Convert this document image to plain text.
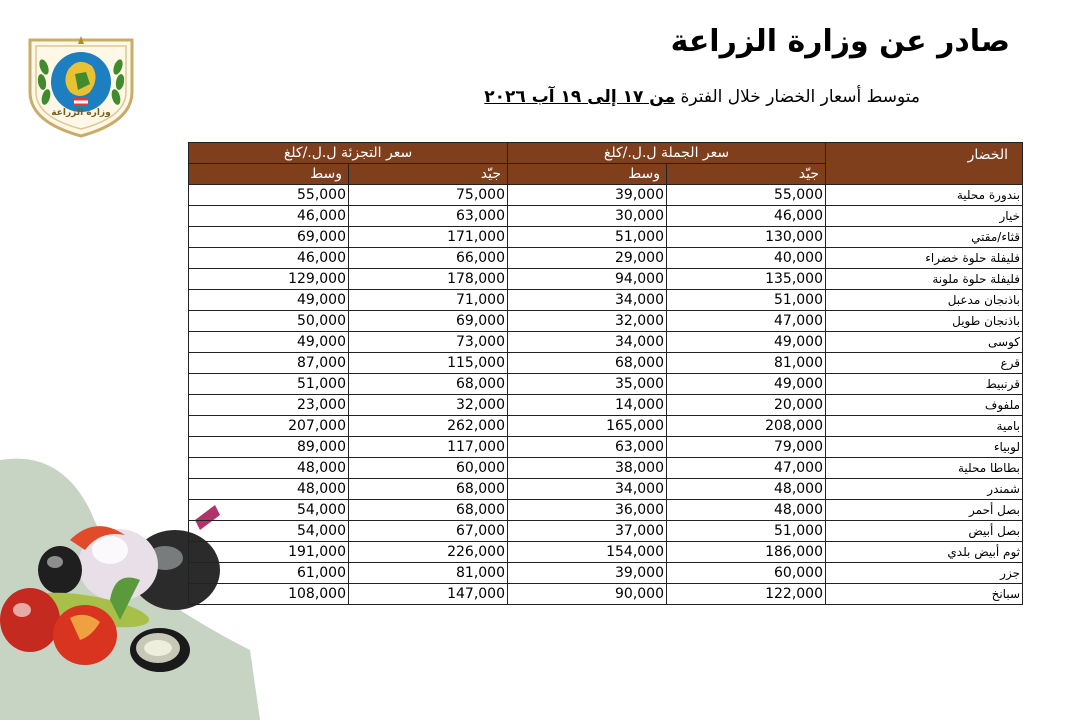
وزارة الزراعة
صادر عن وزارة الزراعة
متوسط أسعار الخضار خلال الفترة من ١٧ إلى ١٩ آب ٢٠٢٦
سعر التجزئة ل.ل./كلغ		سعر الجملة ل.ل./كلغ		الخضار
وسط	جيّد	وسط	جيّد	
55,000	75,000	39,000	55,000	بندورة محلية
46,000	63,000	30,000	46,000	خيار
69,000	171,000	51,000	130,000	قثاء/مقتي
46,000	66,000	29,000	40,000	فليفلة حلوة خضراء
129,000	178,000	94,000	135,000	فليفلة حلوة ملونة
49,000	71,000	34,000	51,000	باذنجان مدعبل
50,000	69,000	32,000	47,000	باذنجان طويل
49,000	73,000	34,000	49,000	كوسى
87,000	115,000	68,000	81,000	قرع
51,000	68,000	35,000	49,000	قرنبيط
23,000	32,000	14,000	20,000	ملفوف
207,000	262,000	165,000	208,000	بامية
89,000	117,000	63,000	79,000	لوبياء
48,000	60,000	38,000	47,000	بطاطا محلية
48,000	68,000	34,000	48,000	شمندر
54,000	68,000	36,000	48,000	بصل أحمر
54,000	67,000	37,000	51,000	بصل أبيض
191,000	226,000	154,000	186,000	ثوم أبيض بلدي
61,000	81,000	39,000	60,000	جزر
108,000	147,000	90,000	122,000	سبانخ
